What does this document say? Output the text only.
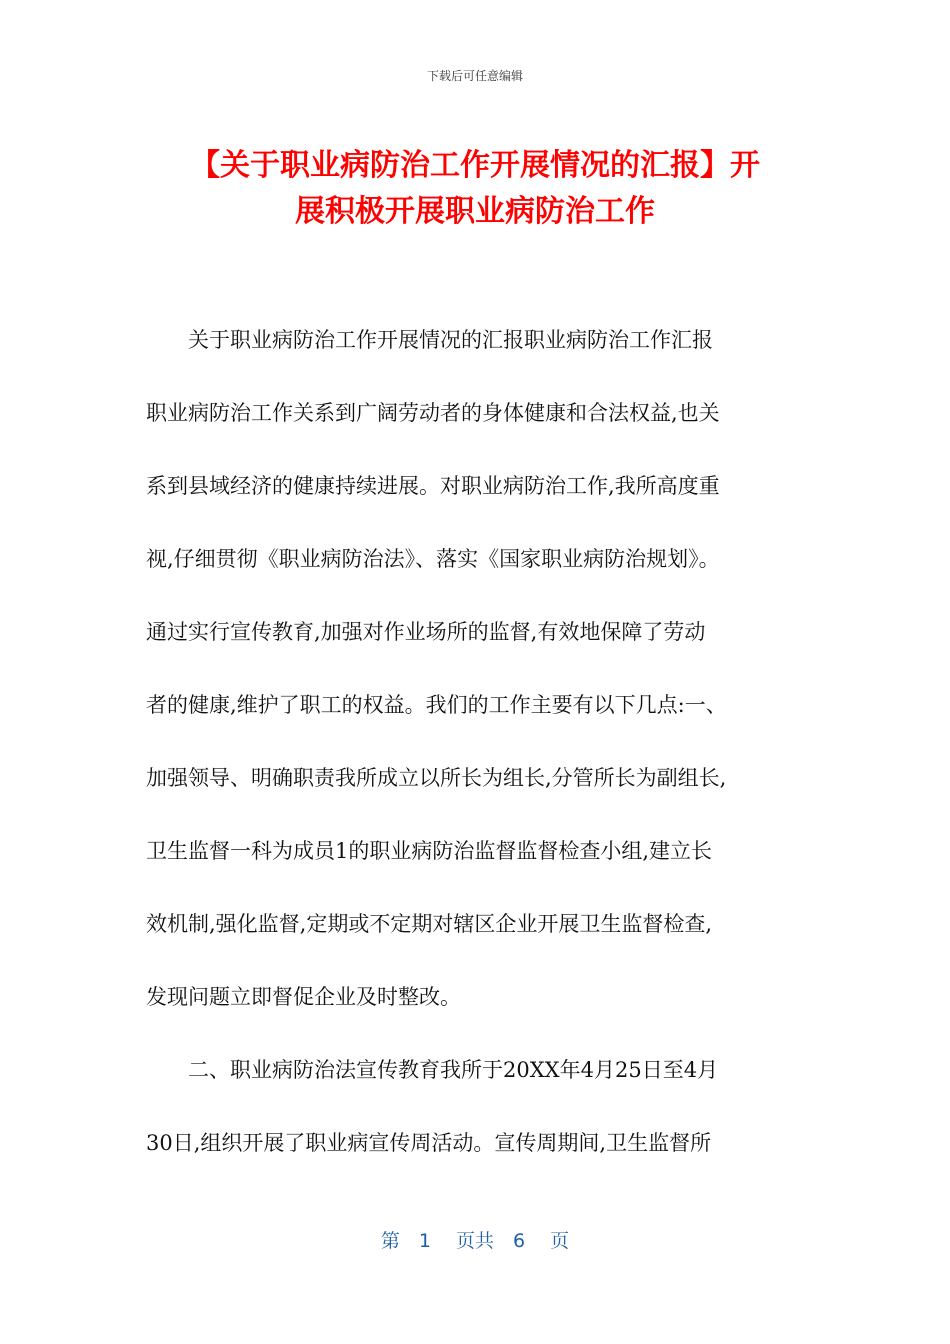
下载后可任意编辑
【关于职业病防治工作开展情况的汇报】开
展积极开展职业病防治工作
　　关于职业病防治工作开展情况的汇报职业病防治工作汇报
职业病防治工作关系到广阔劳动者的身体健康和合法权益,也关
系到县域经济的健康持续进展。对职业病防治工作,我所高度重
视,仔细贯彻《职业病防治法》、落实《国家职业病防治规划》。
通过实行宣传教育,加强对作业场所的监督,有效地保障了劳动
者的健康,维护了职工的权益。我们的工作主要有以下几点:一、
加强领导、明确职责我所成立以所长为组长,分管所长为副组长,
卫生监督一科为成员1的职业病防治监督监督检查小组,建立长
效机制,强化监督,定期或不定期对辖区企业开展卫生监督检查,
发现问题立即督促企业及时整改。
　　二、职业病防治法宣传教育我所于20XX年4月25日至4月
30日,组织开展了职业病宣传周活动。宣传周期间,卫生监督所
第　1　 页共　6　 页
